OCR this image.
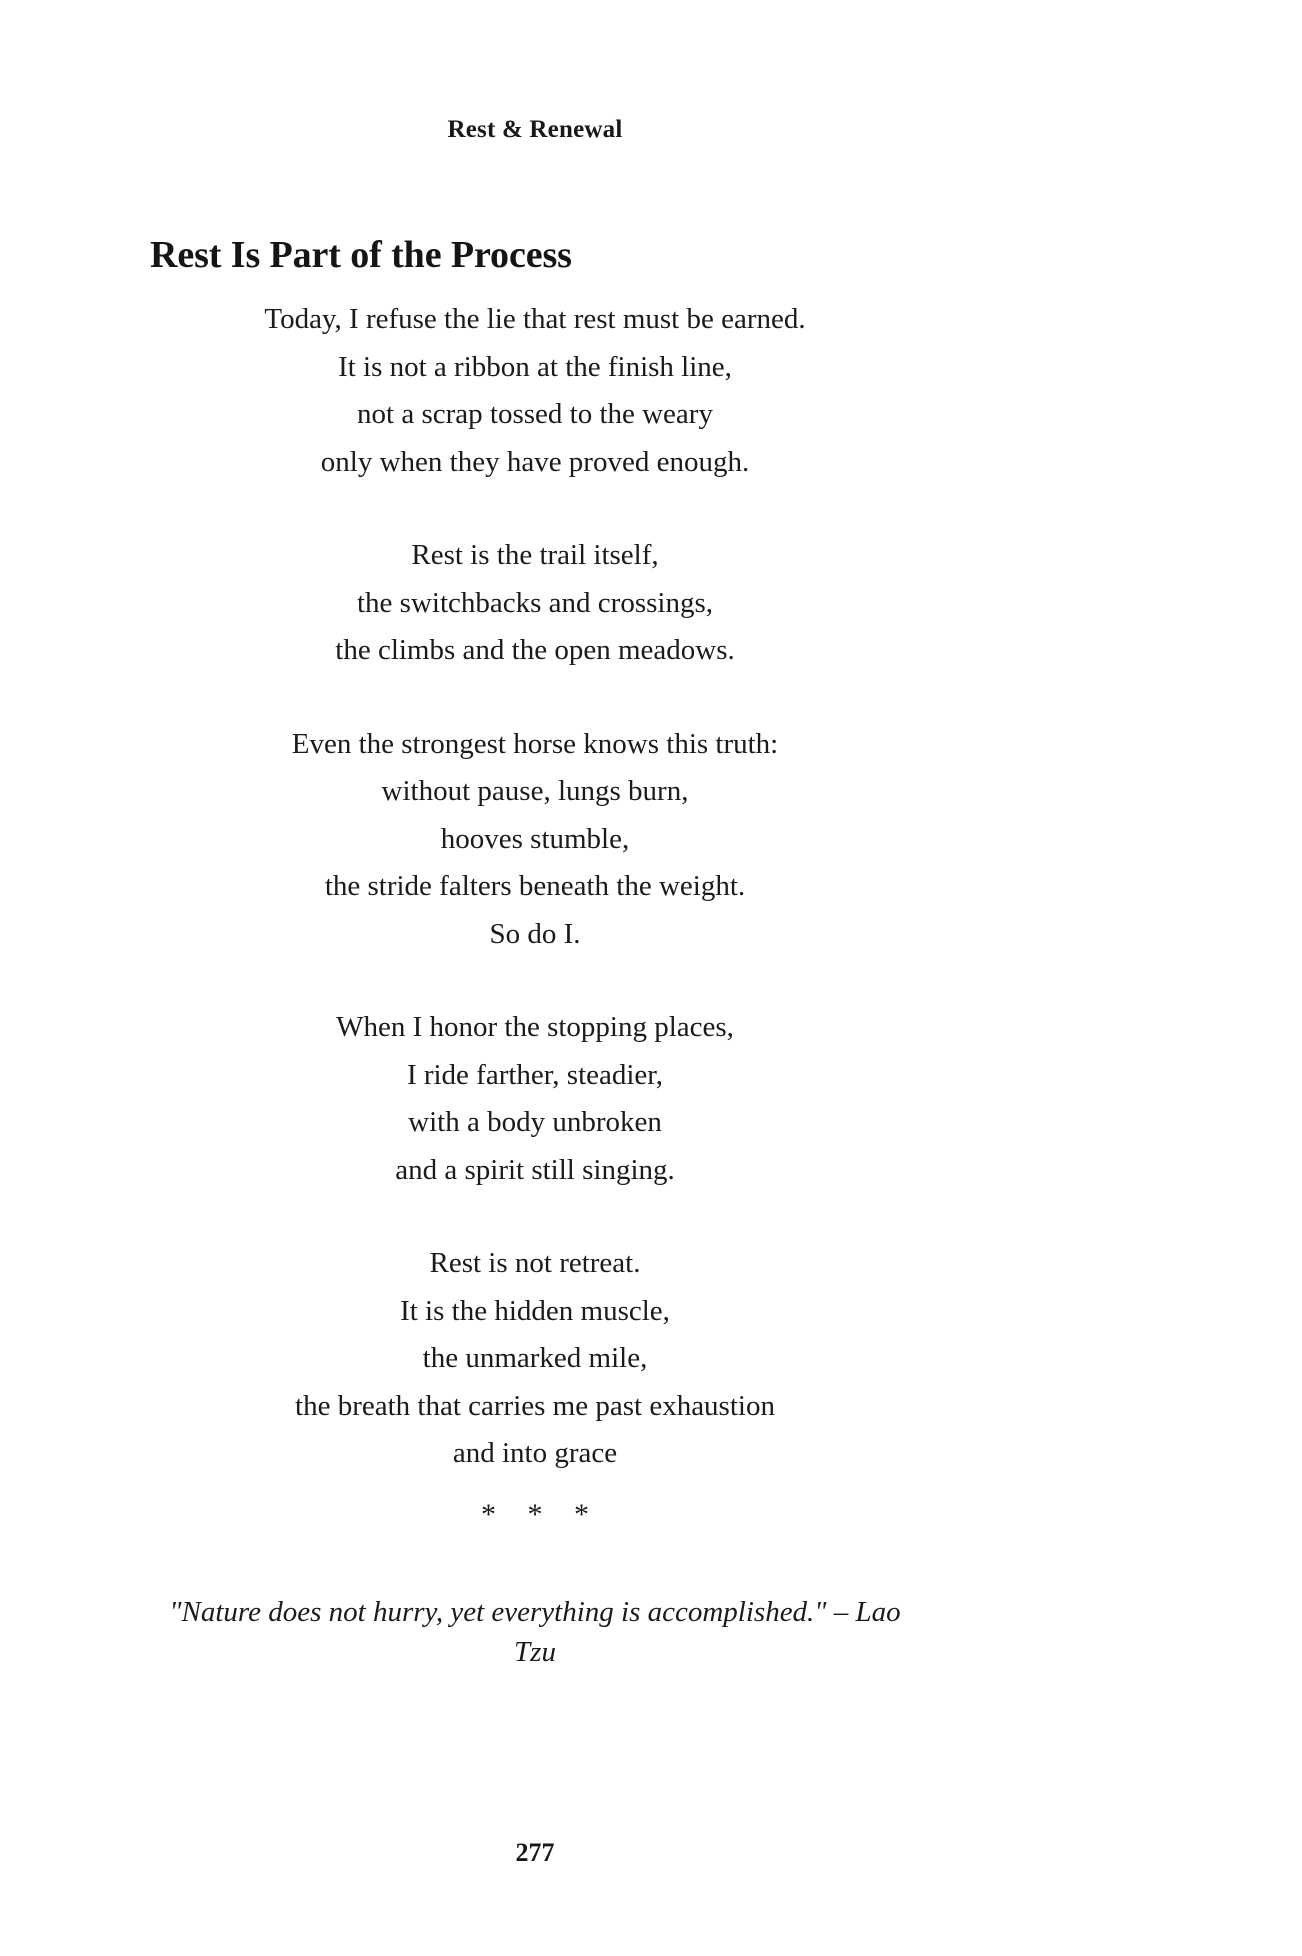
Rest & Renewal
Rest Is Part of the Process
Today, I refuse the lie that rest must be earned.
It is not a ribbon at the finish line,
not a scrap tossed to the weary
only when they have proved enough.
Rest is the trail itself,
the switchbacks and crossings,
the climbs and the open meadows.
Even the strongest horse knows this truth:
without pause, lungs burn,
hooves stumble,
the stride falters beneath the weight.
So do I.
When I honor the stopping places,
I ride farther, steadier,
with a body unbroken
and a spirit still singing.
Rest is not retreat.
It is the hidden muscle,
the unmarked mile,
the breath that carries me past exhaustion
and into grace
* * *
"Nature does not hurry, yet everything is accomplished." – Lao Tzu
277
